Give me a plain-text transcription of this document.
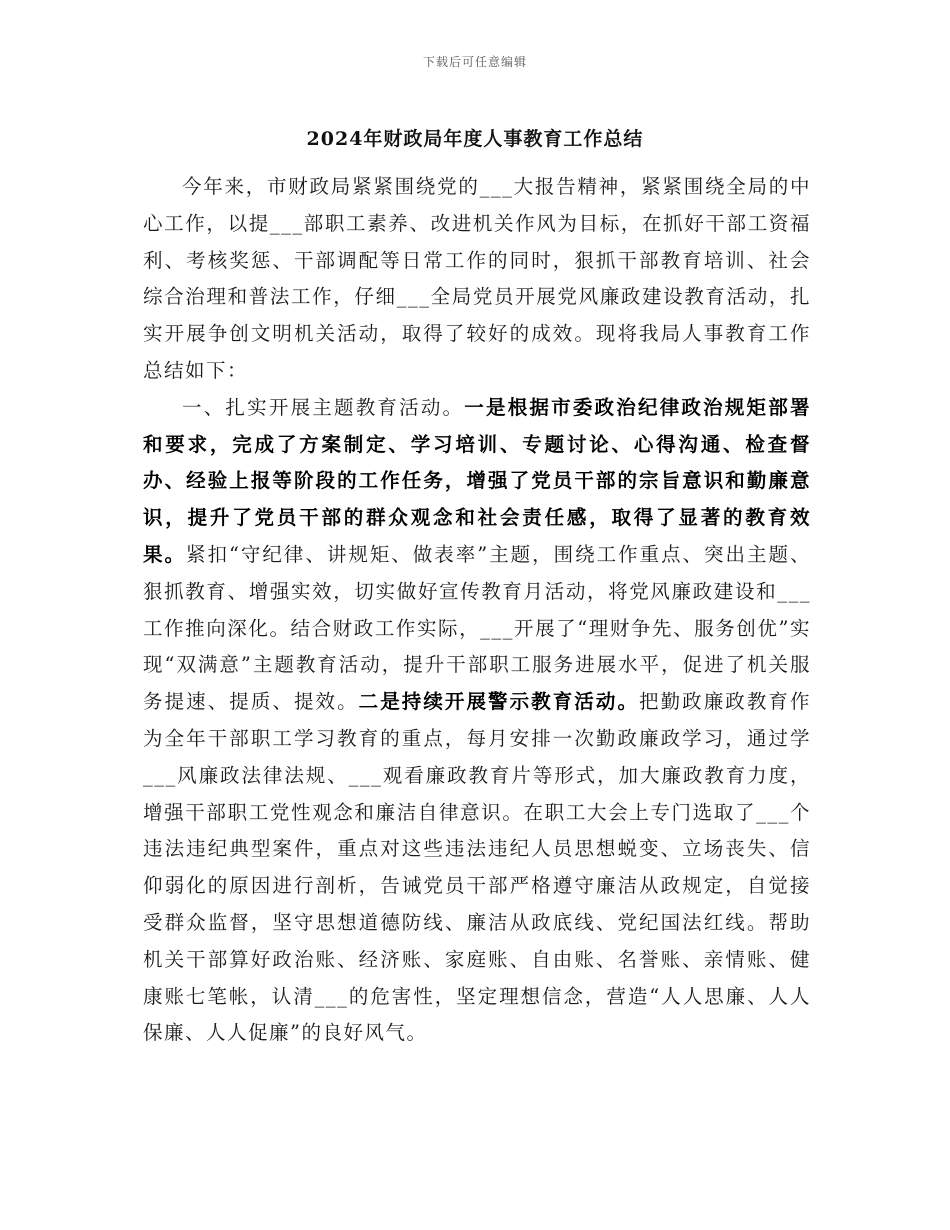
下载后可任意编辑
2024年财政局年度人事教育工作总结

今年来，市财政局紧紧围绕党的___大报告精神，紧紧围绕全局的中心工作，以提___部职工素养、改进机关作风为目标，在抓好干部工资福利、考核奖惩、干部调配等日常工作的同时，狠抓干部教育培训、社会综合治理和普法工作，仔细___全局党员开展党风廉政建设教育活动，扎实开展争创文明机关活动，取得了较好的成效。现将我局人事教育工作总结如下：

一、扎实开展主题教育活动。一是根据市委政治纪律政治规矩部署和要求，完成了方案制定、学习培训、专题讨论、心得沟通、检查督办、经验上报等阶段的工作任务，增强了党员干部的宗旨意识和勤廉意识，提升了党员干部的群众观念和社会责任感，取得了显著的教育效果。紧扣“守纪律、讲规矩、做表率”主题，围绕工作重点、突出主题、狠抓教育、增强实效，切实做好宣传教育月活动，将党风廉政建设和___工作推向深化。结合财政工作实际，___开展了“理财争先、服务创优”实现“双满意”主题教育活动，提升干部职工服务进展水平，促进了机关服务提速、提质、提效。二是持续开展警示教育活动。把勤政廉政教育作为全年干部职工学习教育的重点，每月安排一次勤政廉政学习，通过学___风廉政法律法规、___观看廉政教育片等形式，加大廉政教育力度，增强干部职工党性观念和廉洁自律意识。在职工大会上专门选取了___个违法违纪典型案件，重点对这些违法违纪人员思想蜕变、立场丧失、信仰弱化的原因进行剖析，告诫党员干部严格遵守廉洁从政规定，自觉接受群众监督，坚守思想道德防线、廉洁从政底线、党纪国法红线。帮助机关干部算好政治账、经济账、家庭账、自由账、名誉账、亲情账、健康账七笔帐，认清___的危害性，坚定理想信念，营造“人人思廉、人人保廉、人人促廉”的良好风气。
